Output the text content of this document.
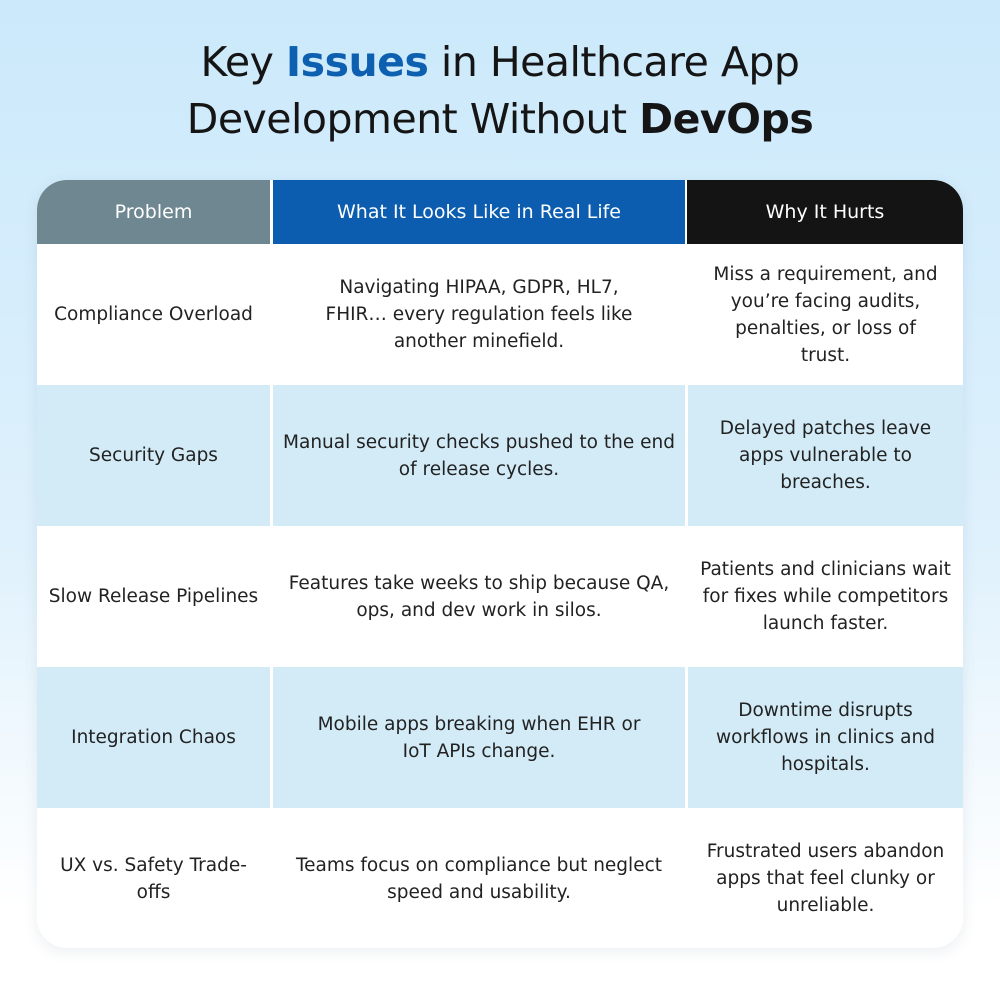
Key Issues in Healthcare App
Development Without DevOps
Problem	What It Looks Like in Real Life	Why It Hurts
Compliance Overload
Navigating HIPAA, GDPR, HL7, FHIR… every regulation feels like another minefield.
Miss a requirement, and you’re facing audits, penalties, or loss of trust.
Security Gaps
Manual security checks pushed to the end of release cycles.
Delayed patches leave apps vulnerable to breaches.
Slow Release Pipelines
Features take weeks to ship because QA, ops, and dev work in silos.
Patients and clinicians wait for fixes while competitors launch faster.
Integration Chaos
Mobile apps breaking when EHR or IoT APIs change.
Downtime disrupts workflows in clinics and hospitals.
UX vs. Safety Trade-offs
Teams focus on compliance but neglect speed and usability.
Frustrated users abandon apps that feel clunky or unreliable.
